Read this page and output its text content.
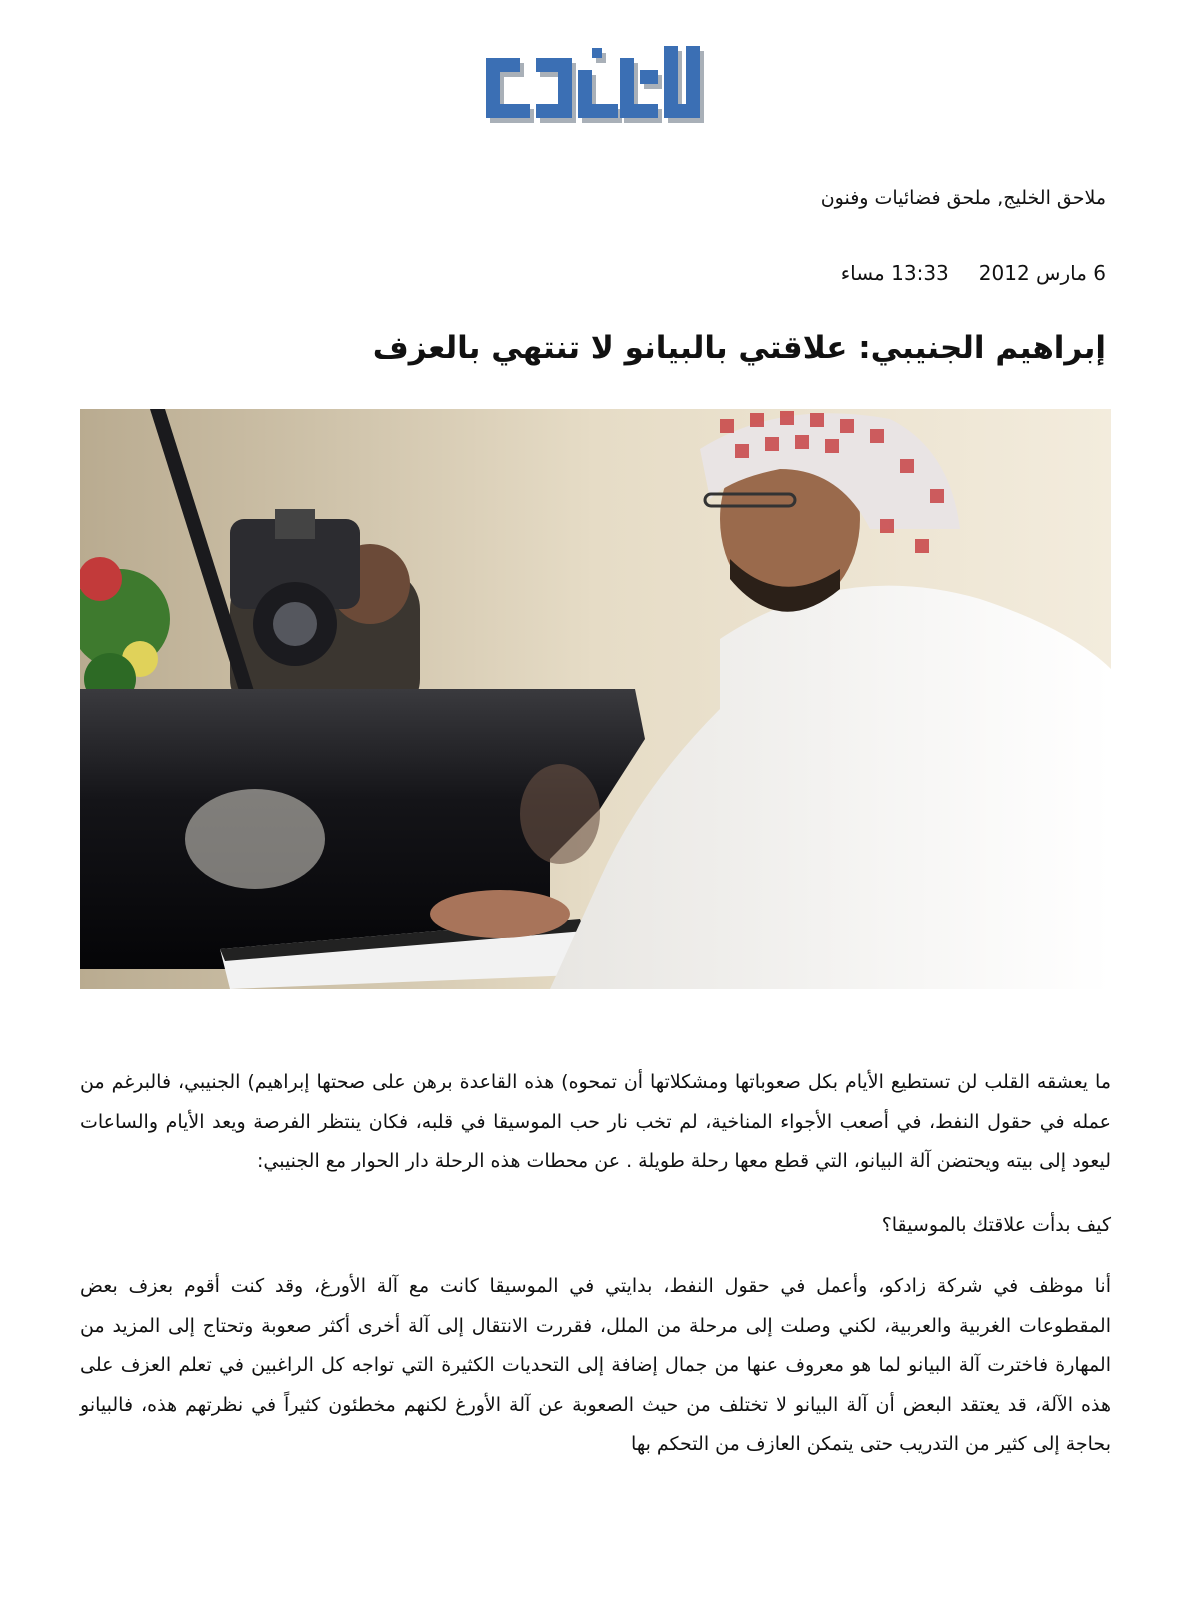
ملاحق الخليج, ملحق فضائيات وفنون
6 مارس 201213:33 مساء
إبراهيم الجنيبي: علاقتي بالبيانو لا تنتهي بالعزف

ما يعشقه القلب لن تستطيع الأيام بكل صعوباتها ومشكلاتها أن تمحوه) هذه القاعدة برهن على صحتها إبراهيم) الجنيبي، فالبرغم من عمله في حقول النفط، في أصعب الأجواء المناخية، لم تخب نار حب الموسيقا في قلبه، فكان ينتظر الفرصة ويعد الأيام والساعات ليعود إلى بيته ويحتضن آلة البيانو، التي قطع معها رحلة طويلة . عن محطات هذه الرحلة دار الحوار مع الجنيبي:

كيف بدأت علاقتك بالموسيقا؟

أنا موظف في شركة زادكو، وأعمل في حقول النفط، بدايتي في الموسيقا كانت مع آلة الأورغ، وقد كنت أقوم بعزف بعض المقطوعات الغربية والعربية، لكني وصلت إلى مرحلة من الملل، فقررت الانتقال إلى آلة أخرى أكثر صعوبة وتحتاج إلى المزيد من المهارة فاخترت آلة البيانو لما هو معروف عنها من جمال إضافة إلى التحديات الكثيرة التي تواجه كل الراغبين في تعلم العزف على هذه الآلة، قد يعتقد البعض أن آلة البيانو لا تختلف من حيث الصعوبة عن آلة الأورغ لكنهم مخطئون كثيراً في نظرتهم هذه، فالبيانو بحاجة إلى كثير من التدريب حتى يتمكن العازف من التحكم بها
